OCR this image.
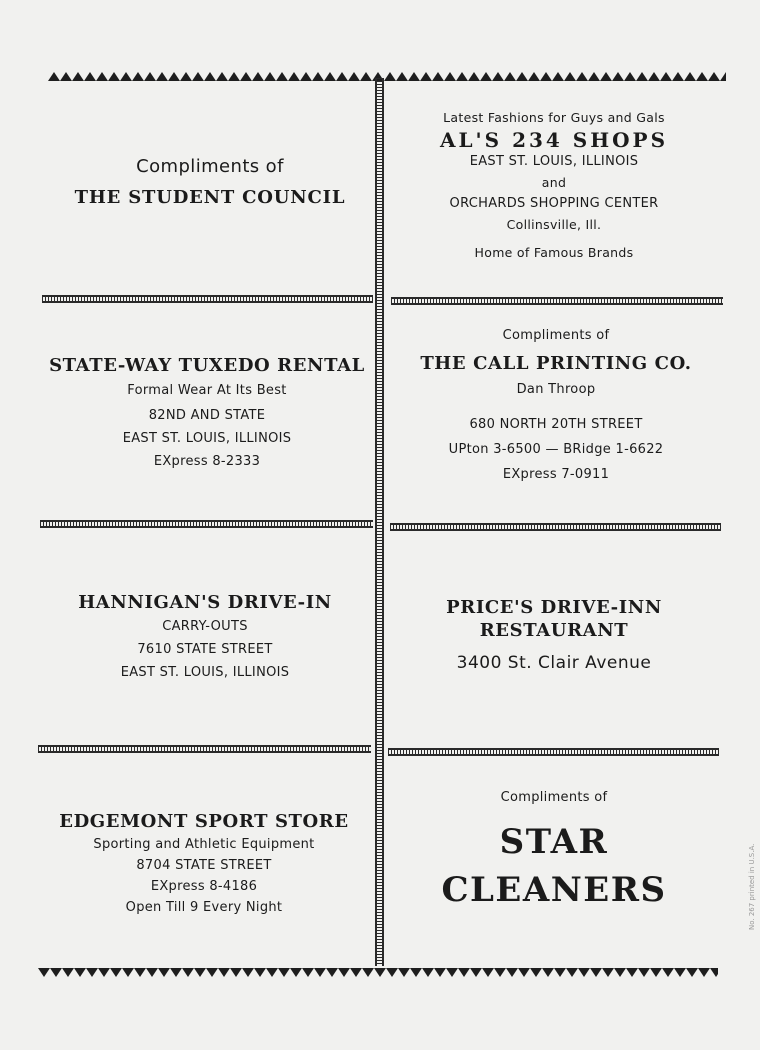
Compliments of
THE STUDENT COUNCIL
Latest Fashions for Guys and Gals
AL'S 234 SHOPS
EAST ST. LOUIS, ILLINOIS
and
ORCHARDS SHOPPING CENTER
Collinsville, Ill.
Home of Famous Brands
STATE-WAY TUXEDO RENTAL
Formal Wear At Its Best
82ND AND STATE
EAST ST. LOUIS, ILLINOIS
EXpress 8-2333
Compliments of
THE CALL PRINTING CO.
Dan Throop
680 NORTH 20TH STREET
UPton 3-6500 — BRidge 1-6622
EXpress 7-0911
HANNIGAN'S DRIVE-IN
CARRY-OUTS
7610 STATE STREET
EAST ST. LOUIS, ILLINOIS
PRICE'S DRIVE-INN
RESTAURANT
3400 St. Clair Avenue
EDGEMONT SPORT STORE
Sporting and Athletic Equipment
8704 STATE STREET
EXpress 8-4186
Open Till 9 Every Night
Compliments of
STAR
CLEANERS	No. 267 printed in U.S.A.
